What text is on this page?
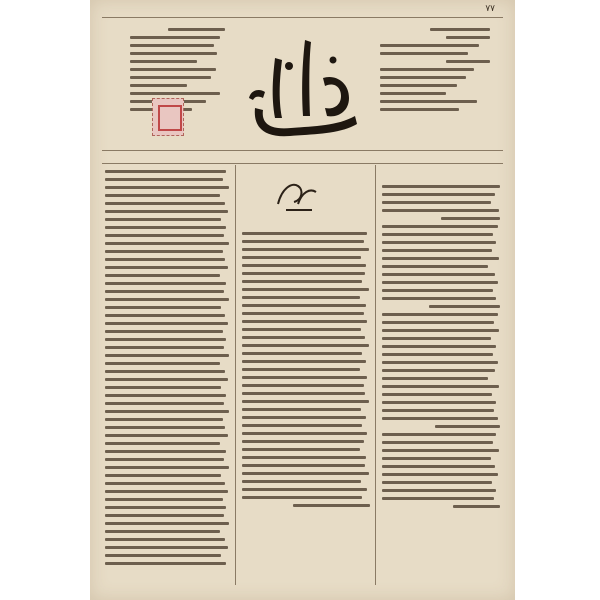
٧٧
